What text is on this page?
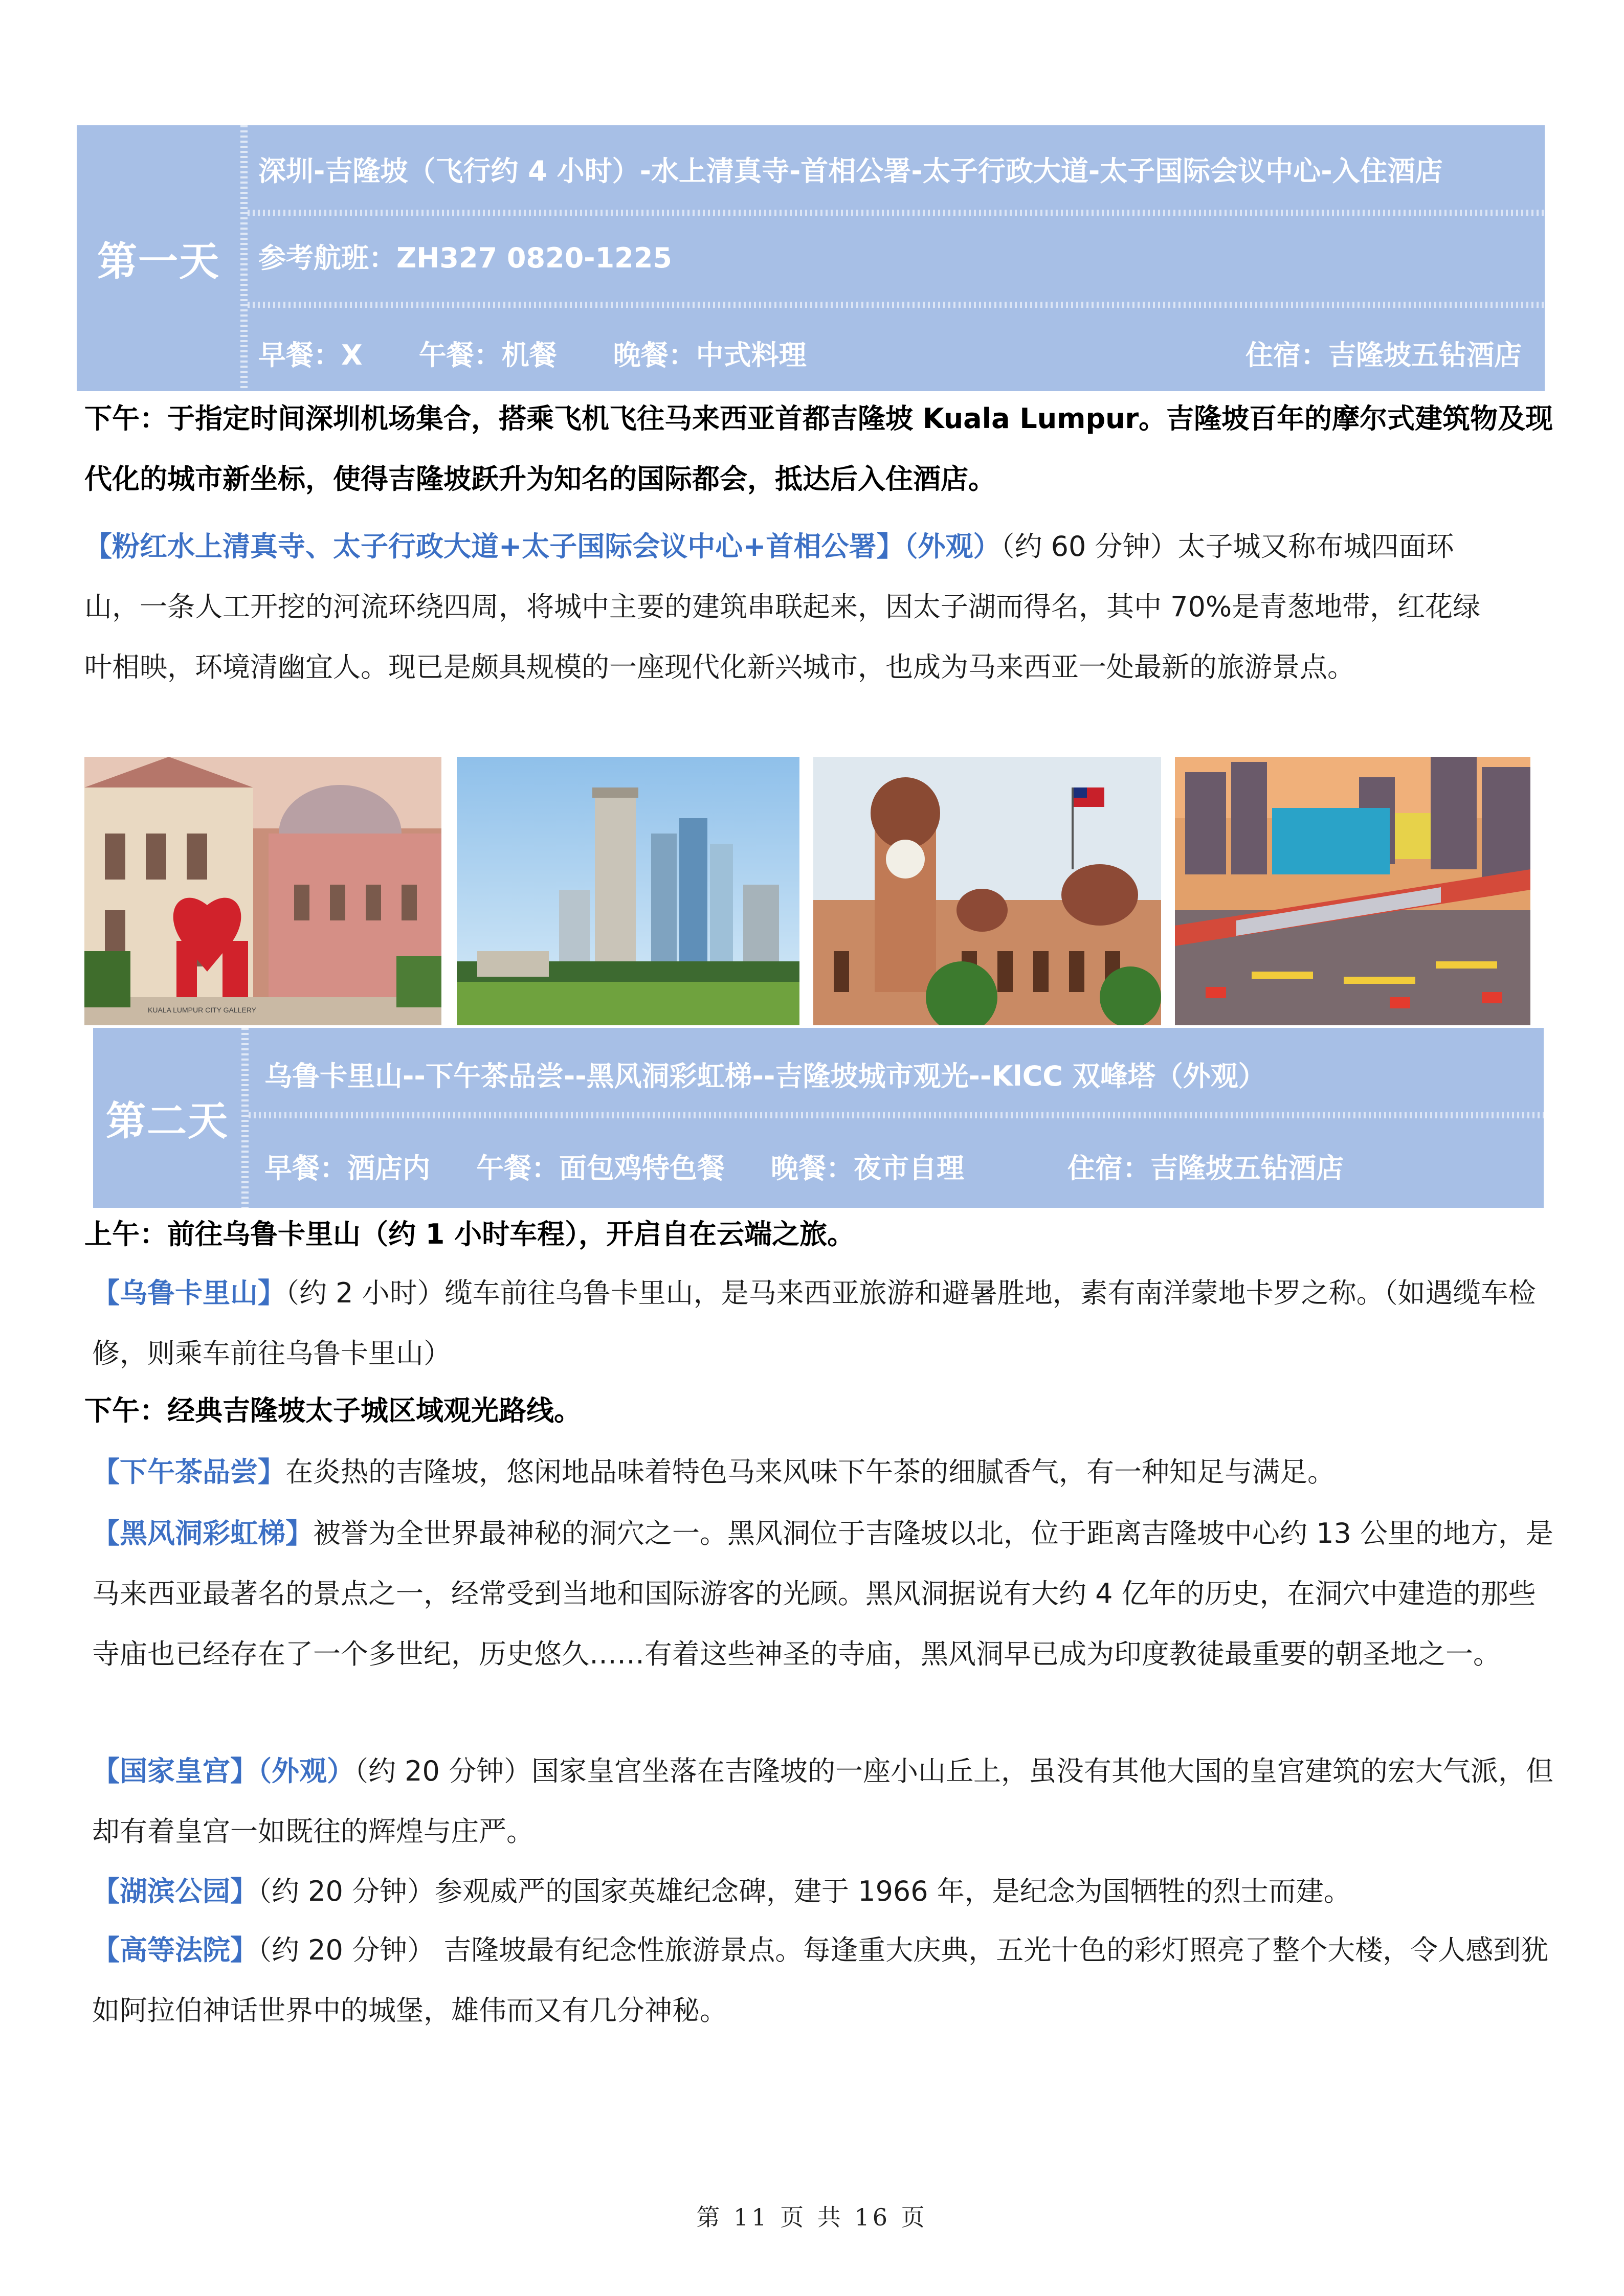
第一天
深圳-吉隆坡（飞行约 4 小时）-水上清真寺-首相公署-太子行政大道-太子国际会议中心-入住酒店
参考航班：ZH327 0820-1225
早餐：X 午餐：机餐 晚餐：中式料理	住宿：吉隆坡五钻酒店
下午：于指定时间深圳机场集合，搭乘飞机飞往马来西亚首都吉隆坡 Kuala Lumpur。吉隆坡百年的摩尔式建筑物及现代化的城市新坐标，使得吉隆坡跃升为知名的国际都会，抵达后入住酒店。
【粉红水上清真寺、太子行政大道+太子国际会议中心+首相公署】（外观）（约 60 分钟）太子城又称布城四面环山，一条人工开挖的河流环绕四周，将城中主要的建筑串联起来，因太子湖而得名，其中 70%是青葱地带，红花绿叶相映，环境清幽宜人。现已是颇具规模的一座现代化新兴城市，也成为马来西亚一处最新的旅游景点。
KUALA LUMPUR CITY GALLERY
第二天
乌鲁卡里山--下午茶品尝--黑风洞彩虹梯--吉隆坡城市观光--KlCC 双峰塔（外观）
早餐：酒店内 午餐：面包鸡特色餐 晚餐：夜市自理	住宿：吉隆坡五钻酒店
上午：前往乌鲁卡里山（约 1 小时车程），开启自在云端之旅。
【乌鲁卡里山】（约 2 小时）缆车前往乌鲁卡里山，是马来西亚旅游和避暑胜地，素有南洋蒙地卡罗之称。（如遇缆车检修，则乘车前往乌鲁卡里山）
下午：经典吉隆坡太子城区域观光路线。
【下午茶品尝】在炎热的吉隆坡，悠闲地品味着特色马来风味下午茶的细腻香气，有一种知足与满足。
【黑风洞彩虹梯】被誉为全世界最神秘的洞穴之一。黑风洞位于吉隆坡以北，位于距离吉隆坡中心约 13 公里的地方，是马来西亚最著名的景点之一，经常受到当地和国际游客的光顾。黑风洞据说有大约 4 亿年的历史，在洞穴中建造的那些寺庙也已经存在了一个多世纪，历史悠久……有着这些神圣的寺庙，黑风洞早已成为印度教徒最重要的朝圣地之一。
【国家皇宫】（外观）（约 20 分钟）国家皇宫坐落在吉隆坡的一座小山丘上，虽没有其他大国的皇宫建筑的宏大气派，但却有着皇宫一如既往的辉煌与庄严。
【湖滨公园】（约 20 分钟）参观威严的国家英雄纪念碑，建于 1966 年，是纪念为国牺牲的烈士而建。
【高等法院】（约 20 分钟） 吉隆坡最有纪念性旅游景点。每逢重大庆典，五光十色的彩灯照亮了整个大楼，令人感到犹如阿拉伯神话世界中的城堡，雄伟而又有几分神秘。
第 11 页 共 16 页
